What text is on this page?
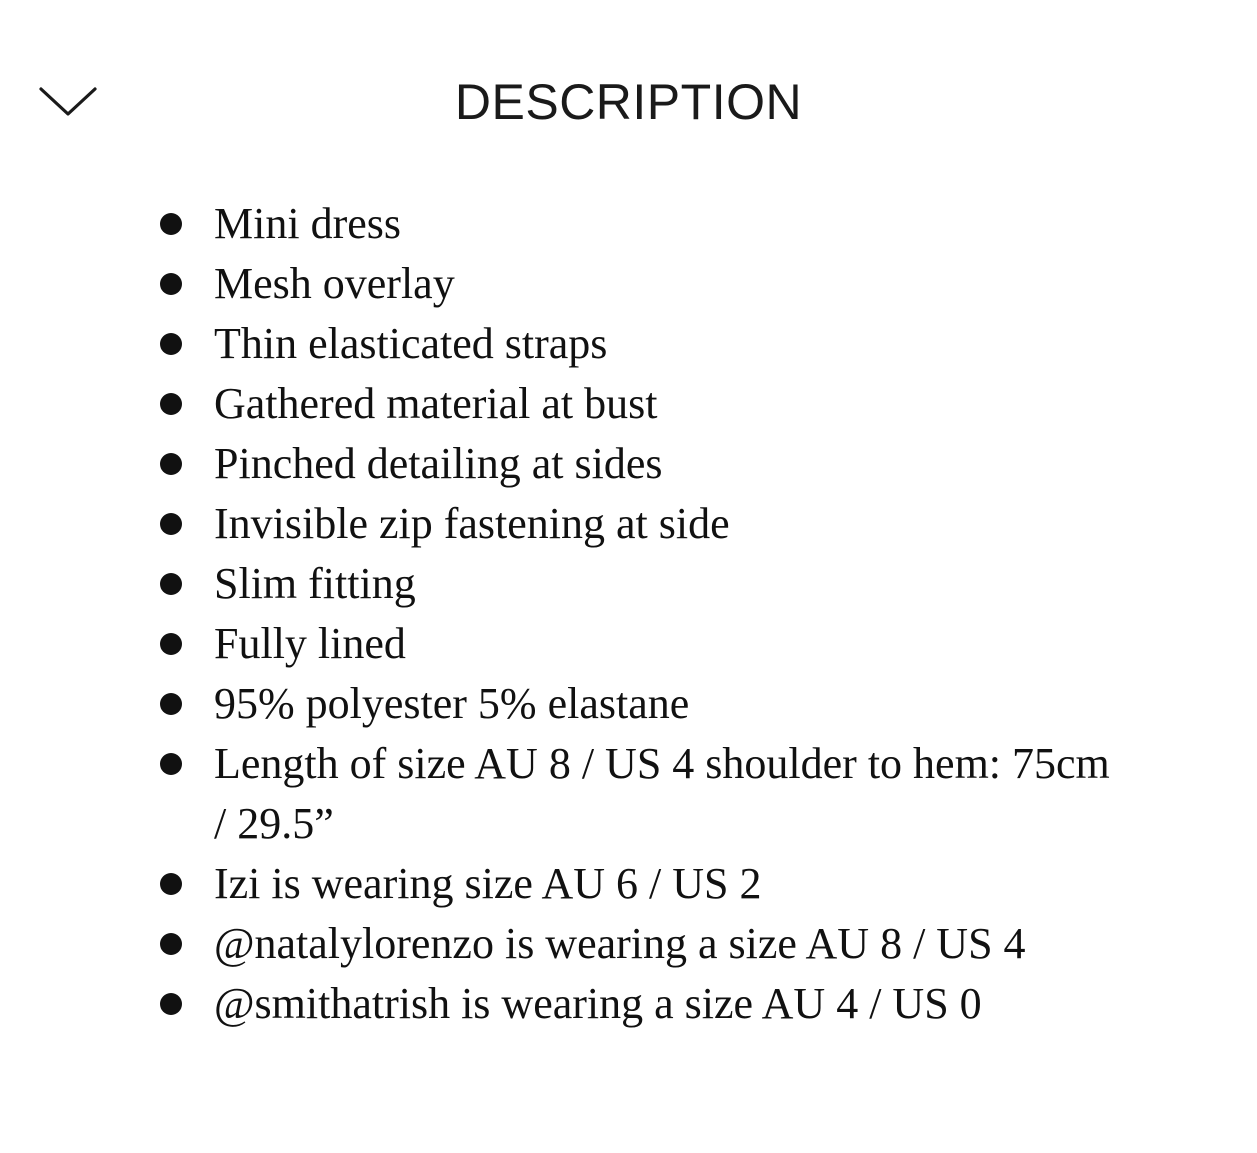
DESCRIPTION
Mini dress
Mesh overlay
Thin elasticated straps
Gathered material at bust
Pinched detailing at sides
Invisible zip fastening at side
Slim fitting
Fully lined
95% polyester 5% elastane
Length of size AU 8 / US 4 shoulder to hem: 75cm / 29.5”
Izi is wearing size AU 6 / US 2
@natalylorenzo is wearing a size AU 8 / US 4
@smithatrish is wearing a size AU 4 / US 0
